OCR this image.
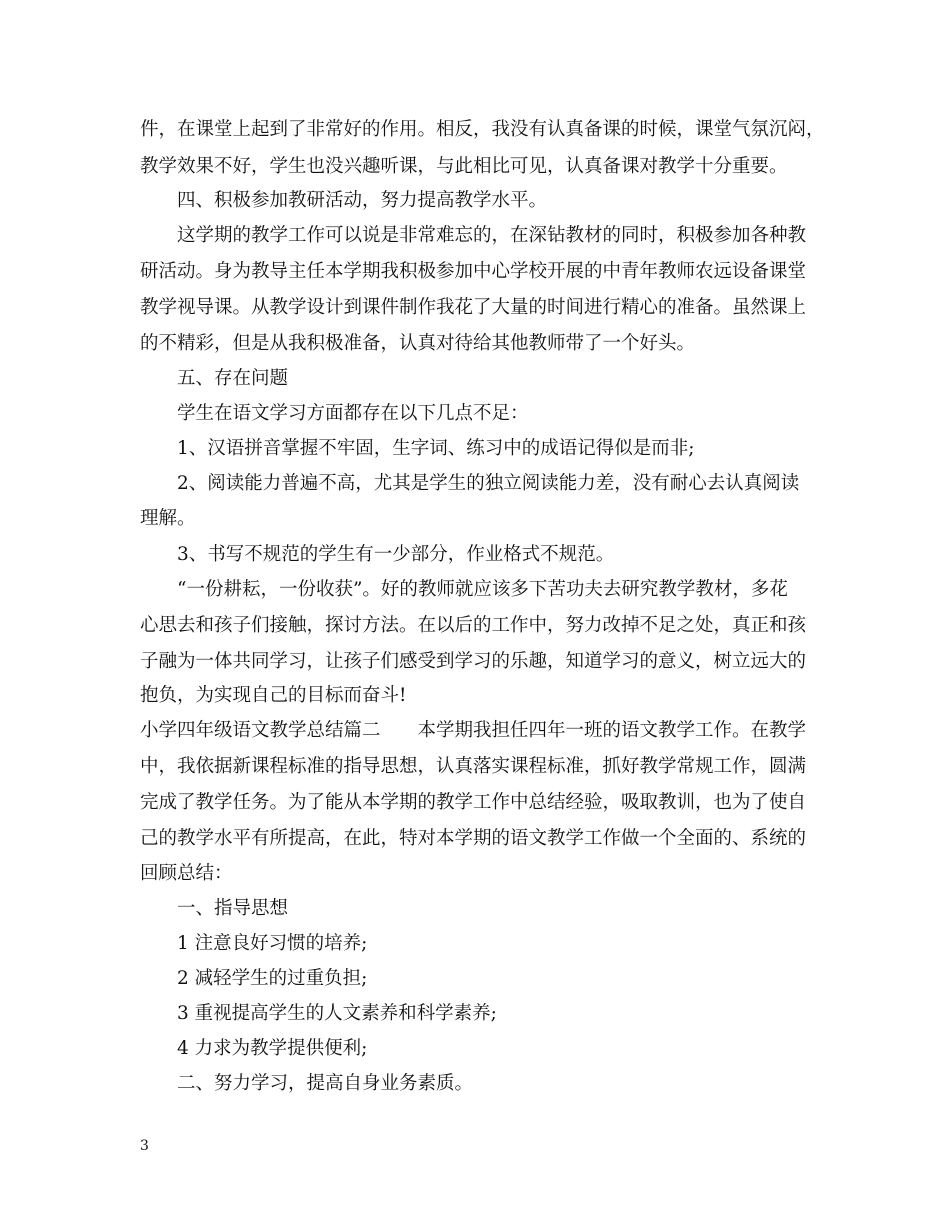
件，在课堂上起到了非常好的作用。相反，我没有认真备课的时候，课堂气氛沉闷，
教学效果不好，学生也没兴趣听课，与此相比可见，认真备课对教学十分重要。
　　四、积极参加教研活动，努力提高教学水平。
　　这学期的教学工作可以说是非常难忘的，在深钻教材的同时，积极参加各种教
研活动。身为教导主任本学期我积极参加中心学校开展的中青年教师农远设备课堂
教学视导课。从教学设计到课件制作我花了大量的时间进行精心的准备。虽然课上
的不精彩，但是从我积极准备，认真对待给其他教师带了一个好头。
　　五、存在问题
　　学生在语文学习方面都存在以下几点不足：
　　1、汉语拼音掌握不牢固，生字词、练习中的成语记得似是而非;
　　2、阅读能力普遍不高，尤其是学生的独立阅读能力差，没有耐心去认真阅读
理解。
　　3、书写不规范的学生有一少部分，作业格式不规范。
　　“一份耕耘，一份收获”。好的教师就应该多下苦功夫去研究教学教材，多花
心思去和孩子们接触，探讨方法。在以后的工作中，努力改掉不足之处，真正和孩
子融为一体共同学习，让孩子们感受到学习的乐趣，知道学习的意义，树立远大的
抱负，为实现自己的目标而奋斗!
小学四年级语文教学总结篇二　　本学期我担任四年一班的语文教学工作。在教学
中，我依据新课程标准的指导思想，认真落实课程标准，抓好教学常规工作，圆满
完成了教学任务。为了能从本学期的教学工作中总结经验，吸取教训，也为了使自
己的教学水平有所提高，在此，特对本学期的语文教学工作做一个全面的、系统的
回顾总结：
　　一、指导思想
　　1 注意良好习惯的培养;
　　2 减轻学生的过重负担;
　　3 重视提高学生的人文素养和科学素养;
　　4 力求为教学提供便利;
　　二、努力学习，提高自身业务素质。
3
